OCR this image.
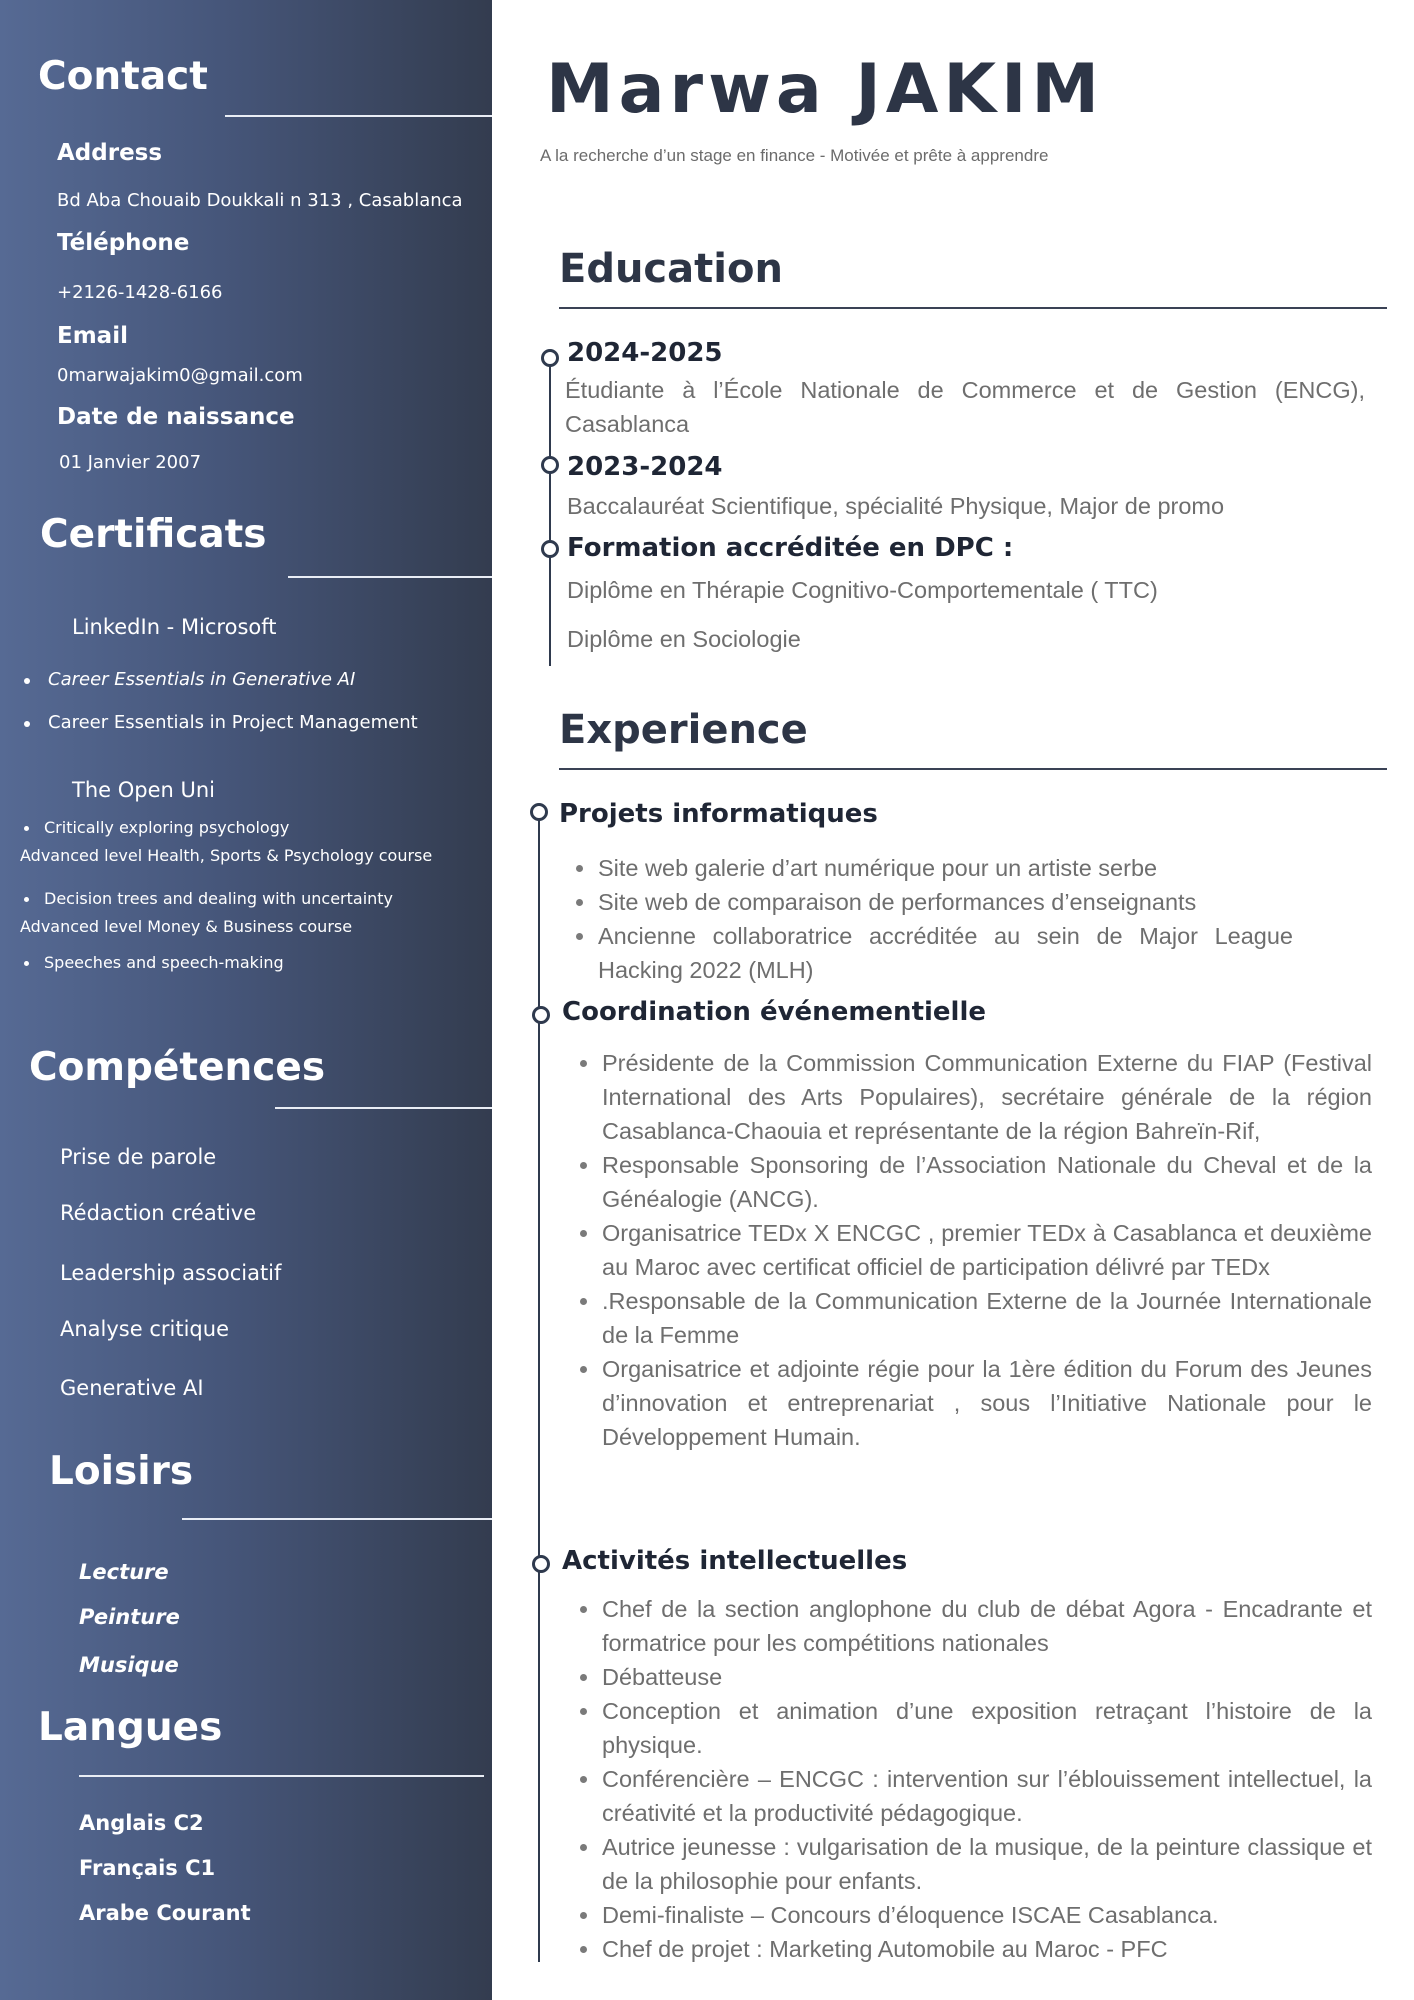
Contact
Address
Bd Aba Chouaib Doukkali n 313 , Casablanca
Téléphone
+2126-1428-6166
Email
0marwajakim0@gmail.com
Date de naissance
01 Janvier 2007
Certificats
LinkedIn - Microsoft
Career Essentials in Generative AI
Career Essentials in Project Management
The Open Uni
Critically exploring psychology
Advanced level Health, Sports & Psychology course
Decision trees and dealing with uncertainty
Advanced level Money & Business course
Speeches and speech-making
Compétences
Prise de parole
Rédaction créative
Leadership associatif
Analyse critique
Generative AI
Loisirs
Lecture
Peinture
Musique
Langues
Anglais C2
Français C1
Arabe Courant
Marwa JAKIM
A la recherche d’un stage en finance - Motivée et prête à apprendre
Education
2024-2025
Étudiante à l’École Nationale de Commerce et de Gestion (ENCG), Casablanca
2023-2024
Baccalauréat Scientifique, spécialité Physique, Major de promo
Formation accréditée en DPC :
Diplôme en Thérapie Cognitivo-Comportementale ( TTC)
Diplôme en Sociologie
Experience
Projets informatiques
Site web galerie d’art numérique pour un artiste serbe
Site web de comparaison de performances d’enseignants
Ancienne collaboratrice accréditée au sein de Major League Hacking 2022 (MLH)
Coordination événementielle
Présidente de la Commission Communication Externe du FIAP (Festival International des Arts Populaires), secrétaire générale de la région Casablanca-Chaouia et représentante de la région Bahreïn-Rif,
Responsable Sponsoring de l’Association Nationale du Cheval et de la Généalogie (ANCG).
Organisatrice TEDx X ENCGC , premier TEDx à Casablanca et deuxième au Maroc avec certificat officiel de participation délivré par TEDx
.Responsable de la Communication Externe de la Journée Internationale de la Femme
Organisatrice et adjointe régie pour la 1ère édition du Forum des Jeunes d’innovation et entreprenariat , sous l’Initiative Nationale pour le Développement Humain.
Activités intellectuelles
Chef de la section anglophone du club de débat Agora - Encadrante et formatrice pour les compétitions nationales
Débatteuse
Conception et animation d’une exposition retraçant l’histoire de la physique.
Conférencière – ENCGC : intervention sur l’éblouissement intellectuel, la créativité et la productivité pédagogique.
Autrice jeunesse : vulgarisation de la musique, de la peinture classique et de la philosophie pour enfants.
Demi-finaliste – Concours d’éloquence ISCAE Casablanca.
Chef de projet : Marketing Automobile au Maroc - PFC
